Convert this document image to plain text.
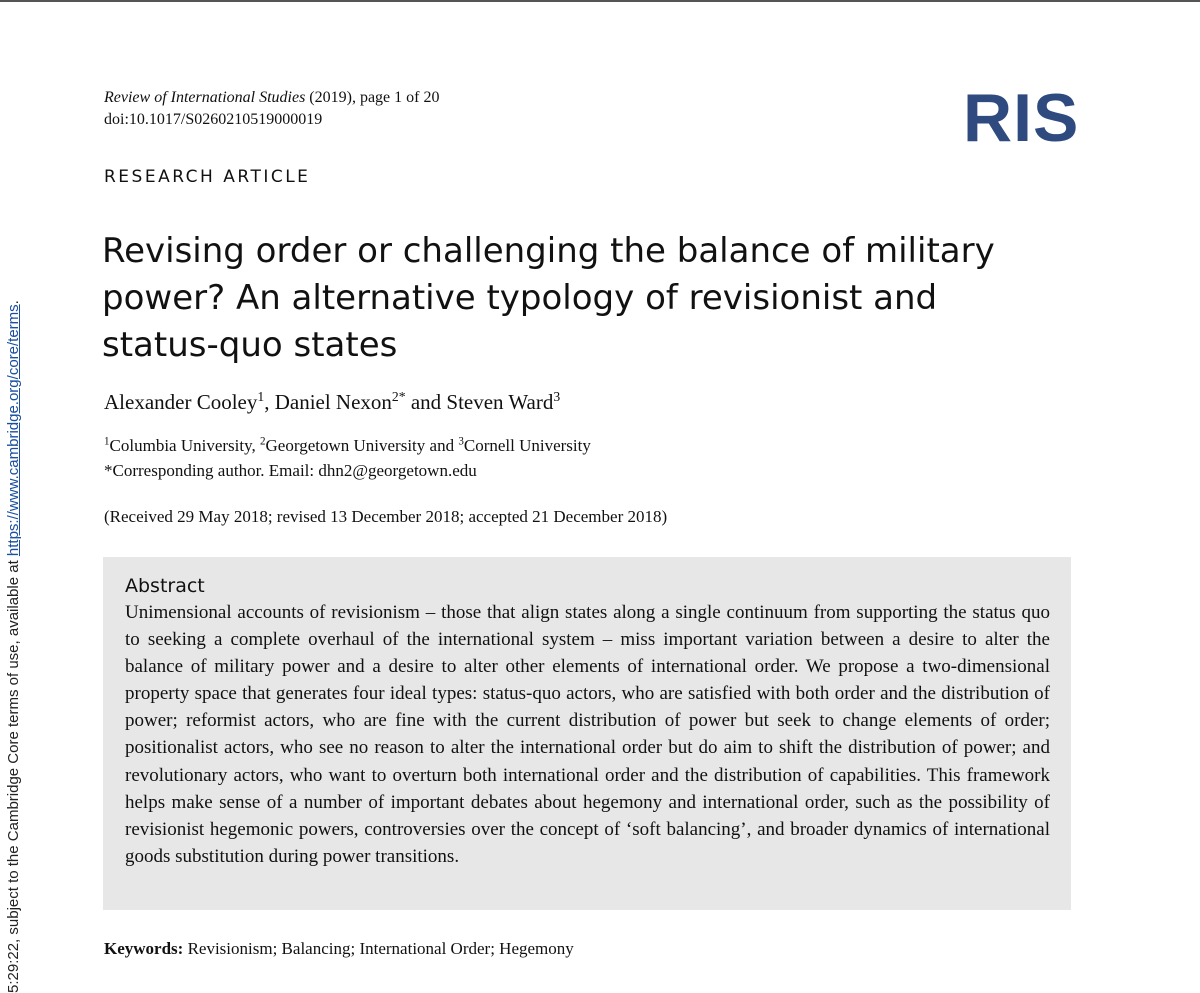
5:29:22, subject to the Cambridge Core terms of use, available at https://www.cambridge.org/core/terms.
Review of International Studies (2019), page 1 of 20
doi:10.1017/S0260210519000019	RIS
RESEARCH ARTICLE
Revising order or challenging the balance of military power? An alternative typology of revisionist and status-quo states
Alexander Cooley$^1$, Daniel Nexon$^{2*}$ and Steven Ward$^3$
$^1$Columbia University, $^2$Georgetown University and $^3$Cornell University
*Corresponding author. Email: dhn2@georgetown.edu
(Received 29 May 2018; revised 13 December 2018; accepted 21 December 2018)
Abstract

Unimensional accounts of revisionism – those that align states along a single continuum from supporting the status quo to seeking a complete overhaul of the international system – miss important variation between a desire to alter the balance of military power and a desire to alter other elements of international order. We propose a two-dimensional property space that generates four ideal types: status-quo actors, who are satisfied with both order and the distribution of power; reformist actors, who are fine with the current distribution of power but seek to change elements of order; positionalist actors, who see no reason to alter the international order but do aim to shift the distribution of power; and revolutionary actors, who want to overturn both international order and the distribution of capabilities. This framework helps make sense of a number of important debates about hegemony and international order, such as the possibility of revisionist hegemonic powers, controversies over the concept of ‘soft balancing’, and broader dynamics of international goods substitution during power transitions.

Keywords: Revisionism; Balancing; International Order; Hegemony
